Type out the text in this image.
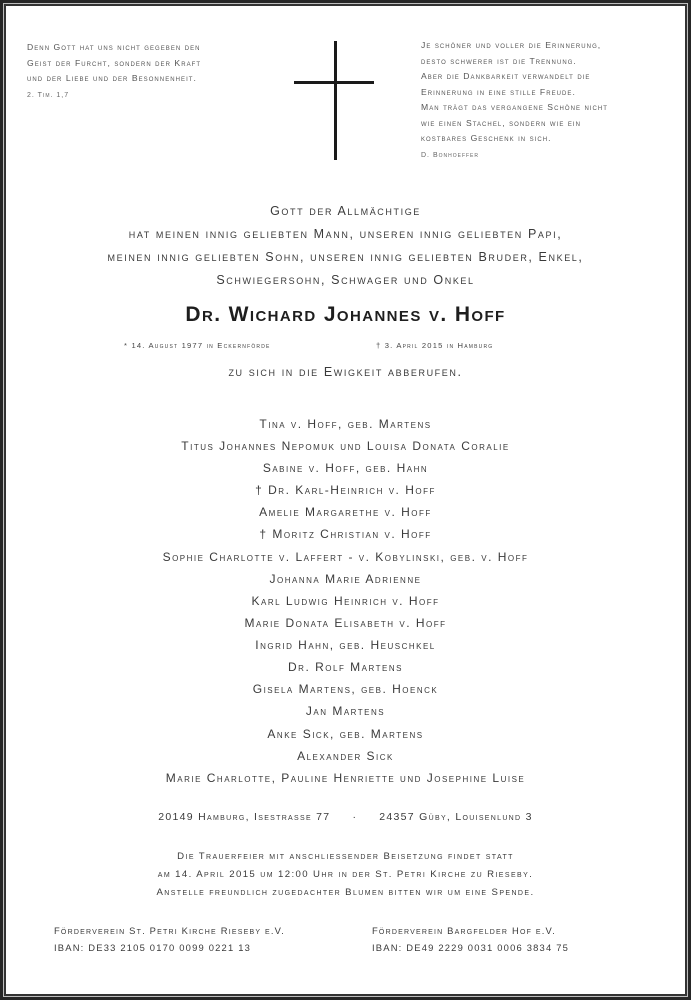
Denn Gott hat uns nicht gegeben den
Geist der Furcht, sondern der Kraft
und der Liebe und der Besonnenheit.
2. Tim. 1,7
Je schöner und voller die Erinnerung,
desto schwerer ist die Trennung.
Aber die Dankbarkeit verwandelt die
Erinnerung in eine stille Freude.
Man trägt das vergangene Schöne nicht
wie einen Stachel, sondern wie ein
kostbares Geschenk in sich.
D. Bonhoeffer
Gott der Allmächtige
hat meinen innig geliebten Mann, unseren innig geliebten Papi,
meinen innig geliebten Sohn, unseren innig geliebten Bruder, Enkel,
Schwiegersohn, Schwager und Onkel
Dr. Wichard Johannes v. Hoff
* 14. August 1977 in Eckernförde	† 3. April 2015 in Hamburg
zu sich in die Ewigkeit abberufen.
Tina v. Hoff, geb. Martens
Titus Johannes Nepomuk und Louisa Donata Coralie
Sabine v. Hoff, geb. Hahn
† Dr. Karl-Heinrich v. Hoff
Amelie Margarethe v. Hoff
† Moritz Christian v. Hoff
Sophie Charlotte v. Laffert - v. Kobylinski, geb. v. Hoff
Johanna Marie Adrienne
Karl Ludwig Heinrich v. Hoff
Marie Donata Elisabeth v. Hoff
Ingrid Hahn, geb. Heuschkel
Dr. Rolf Martens
Gisela Martens, geb. Hoenck
Jan Martens
Anke Sick, geb. Martens
Alexander Sick
Marie Charlotte, Pauline Henriette und Josephine Luise
20149 Hamburg, Isestrasse 77 · 24357 Güby, Louisenlund 3
Die Trauerfeier mit anschliessender Beisetzung findet statt
am 14. April 2015 um 12:00 Uhr in der St. Petri Kirche zu Rieseby.
Anstelle freundlich zugedachter Blumen bitten wir um eine Spende.
Förderverein St. Petri Kirche Rieseby e.V.
IBAN: DE33 2105 0170 0099 0221 13
Förderverein Bargfelder Hof e.V.
IBAN: DE49 2229 0031 0006 3834 75
